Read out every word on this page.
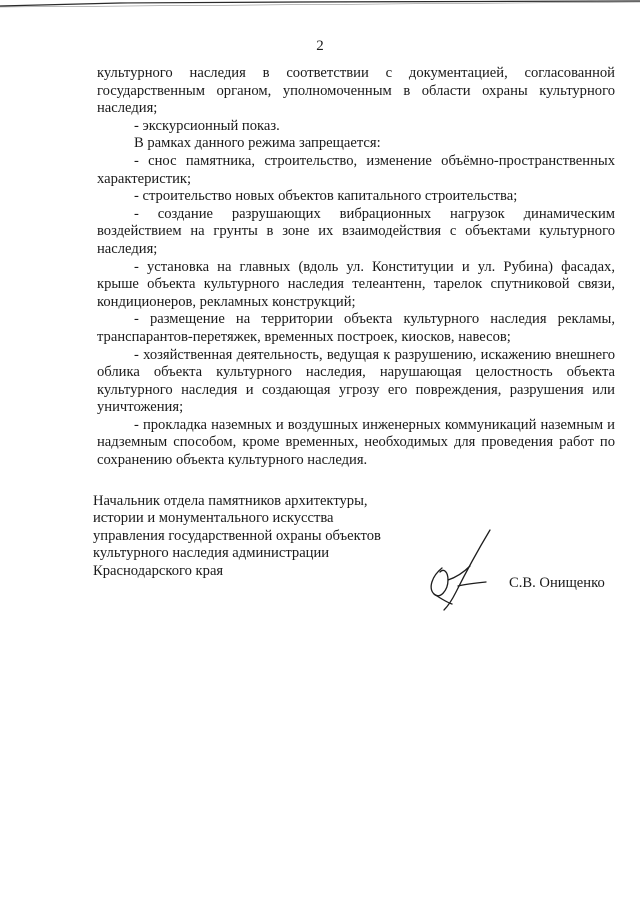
2

культурного наследия в соответствии с документацией, согласованной государственным органом, уполномоченным в области охраны культурного наследия;

- экскурсионный показ.

В рамках данного режима запрещается:

- снос памятника, строительство, изменение объёмно-пространственных характеристик;

- строительство новых объектов капитального строительства;

- создание разрушающих вибрационных нагрузок динамическим воздействием на грунты в зоне их взаимодействия с объектами культурного наследия;

- установка на главных (вдоль ул. Конституции и ул. Рубина) фасадах, крыше объекта культурного наследия телеантенн, тарелок спутниковой связи, кондиционеров, рекламных конструкций;

- размещение на территории объекта культурного наследия рекламы, транспарантов-перетяжек, временных построек, киосков, навесов;

- хозяйственная деятельность, ведущая к разрушению, искажению внешнего облика объекта культурного наследия, нарушающая целостность объекта культурного наследия и создающая угрозу его повреждения, разрушения или уничтожения;

- прокладка наземных и воздушных инженерных коммуникаций наземным и надземным способом, кроме временных, необходимых для проведения работ по сохранению объекта культурного наследия.

Начальник отдела памятников архитектуры,
истории и монументального искусства
управления государственной охраны объектов
культурного наследия администрации
Краснодарского края
С.В. Онищенко
